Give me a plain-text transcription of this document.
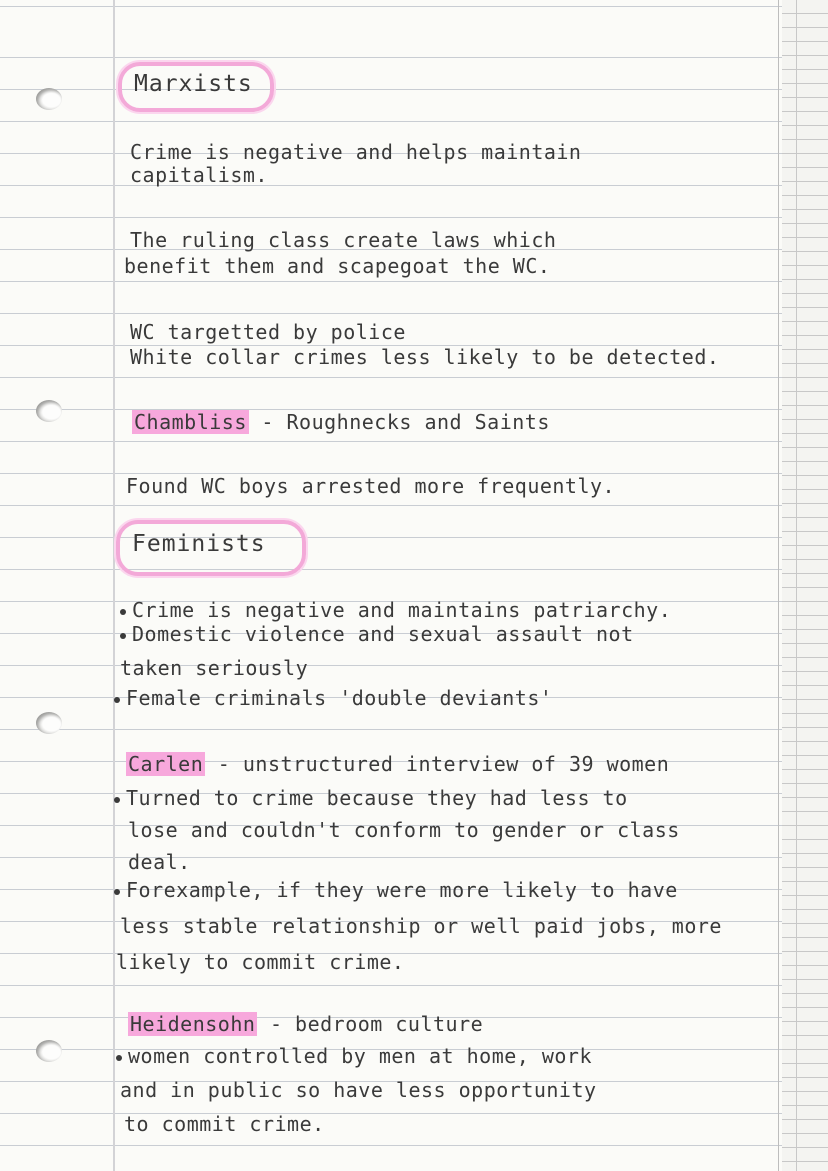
Marxists

Crime is negative and helps maintain

capitalism.

The ruling class create laws which

benefit them and scapegoat the WC.

WC targetted by police

White collar crimes less likely to be detected.

Chambliss - Roughnecks and Saints

Found WC boys arrested more frequently.

Feminists

Crime is negative and maintains patriarchy.

Domestic violence and sexual assault not

taken seriously

Female criminals 'double deviants'

Carlen - unstructured interview of 39 women

Turned to crime because they had less to

lose and couldn't conform to gender or class

deal.

Forexample, if they were more likely to have

less stable relationship or well paid jobs, more

likely to commit crime.

Heidensohn - bedroom culture

women controlled by men at home, work

and in public so have less opportunity

to commit crime.
